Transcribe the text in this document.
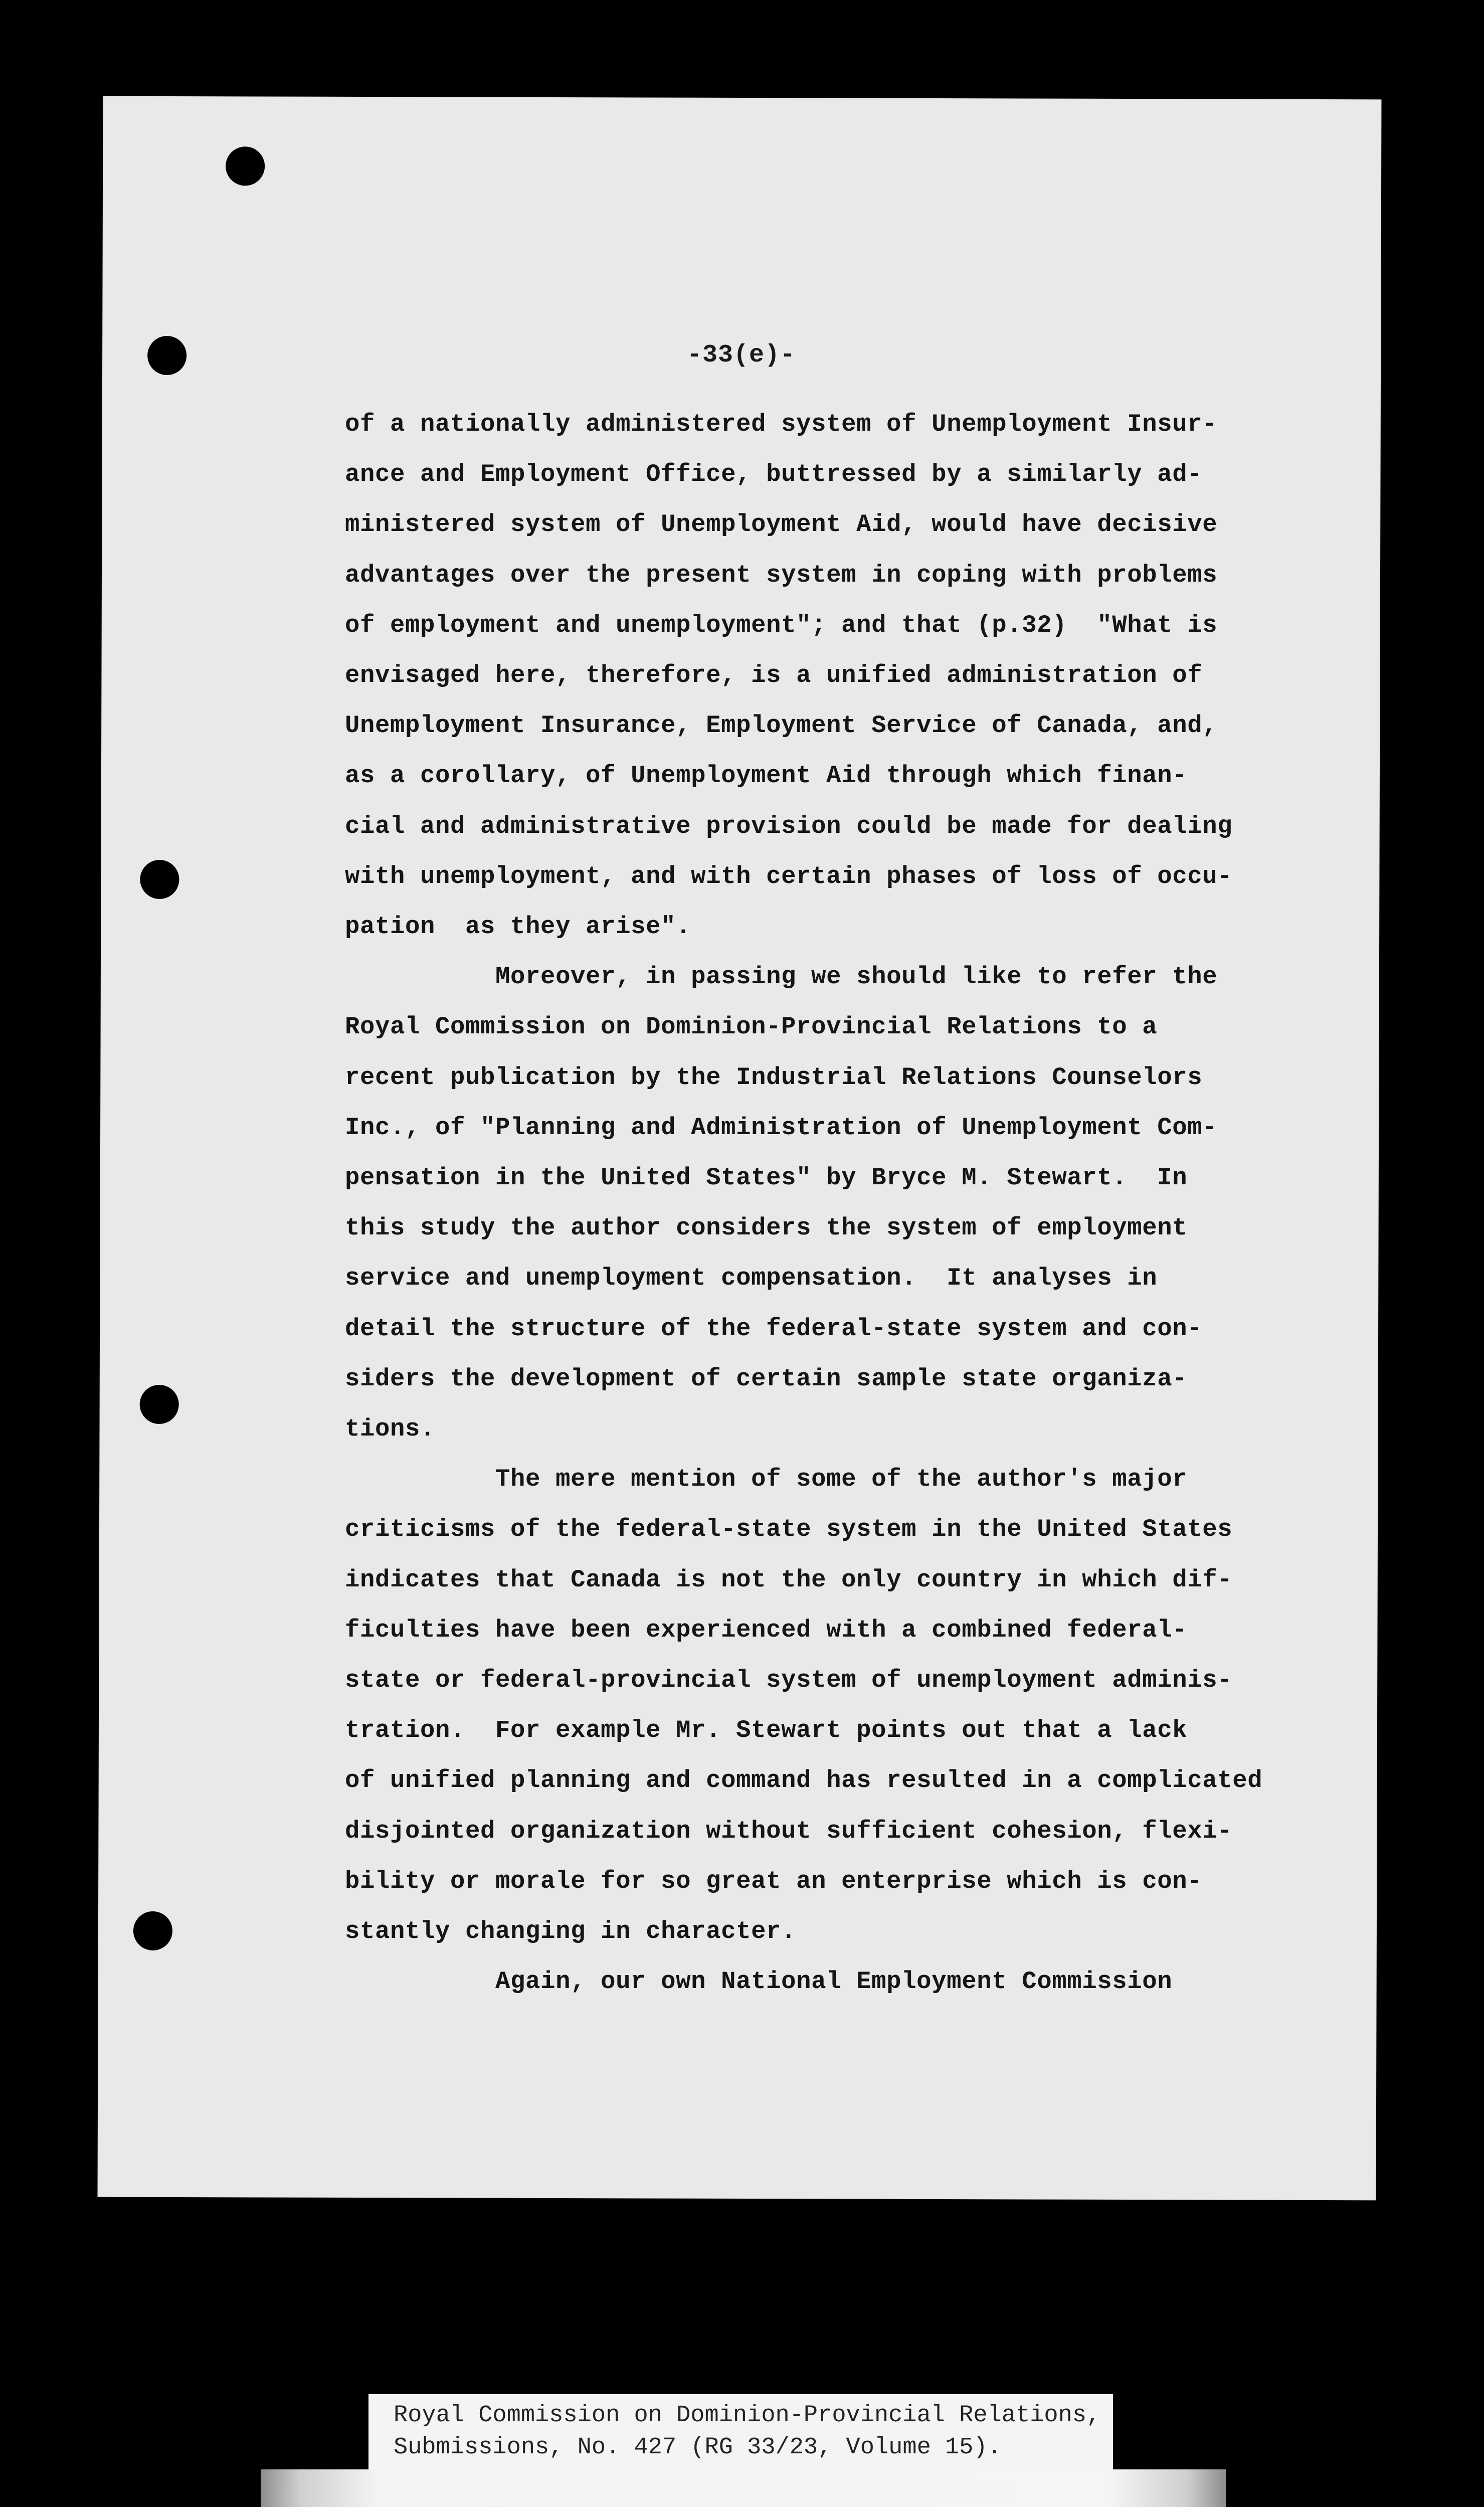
-33(e)-
of a nationally administered system of Unemployment Insur-
ance and Employment Office, buttressed by a similarly ad-
ministered system of Unemployment Aid, would have decisive
advantages over the present system in coping with problems
of employment and unemployment"; and that (p.32)  "What is
envisaged here, therefore, is a unified administration of
Unemployment Insurance, Employment Service of Canada, and,
as a corollary, of Unemployment Aid through which finan-
cial and administrative provision could be made for dealing
with unemployment, and with certain phases of loss of occu-
pation  as they arise".
Moreover, in passing we should like to refer the
Royal Commission on Dominion-Provincial Relations to a
recent publication by the Industrial Relations Counselors
Inc., of "Planning and Administration of Unemployment Com-
pensation in the United States" by Bryce M. Stewart.  In
this study the author considers the system of employment
service and unemployment compensation.  It analyses in
detail the structure of the federal-state system and con-
siders the development of certain sample state organiza-
tions.
The mere mention of some of the author's major
criticisms of the federal-state system in the United States
indicates that Canada is not the only country in which dif-
ficulties have been experienced with a combined federal-
state or federal-provincial system of unemployment adminis-
tration.  For example Mr. Stewart points out that a lack
of unified planning and command has resulted in a complicated
disjointed organization without sufficient cohesion, flexi-
bility or morale for so great an enterprise which is con-
stantly changing in character.
Again, our own National Employment Commission
Royal Commission on Dominion-Provincial Relations,
Submissions, No. 427 (RG 33/23, Volume 15).
